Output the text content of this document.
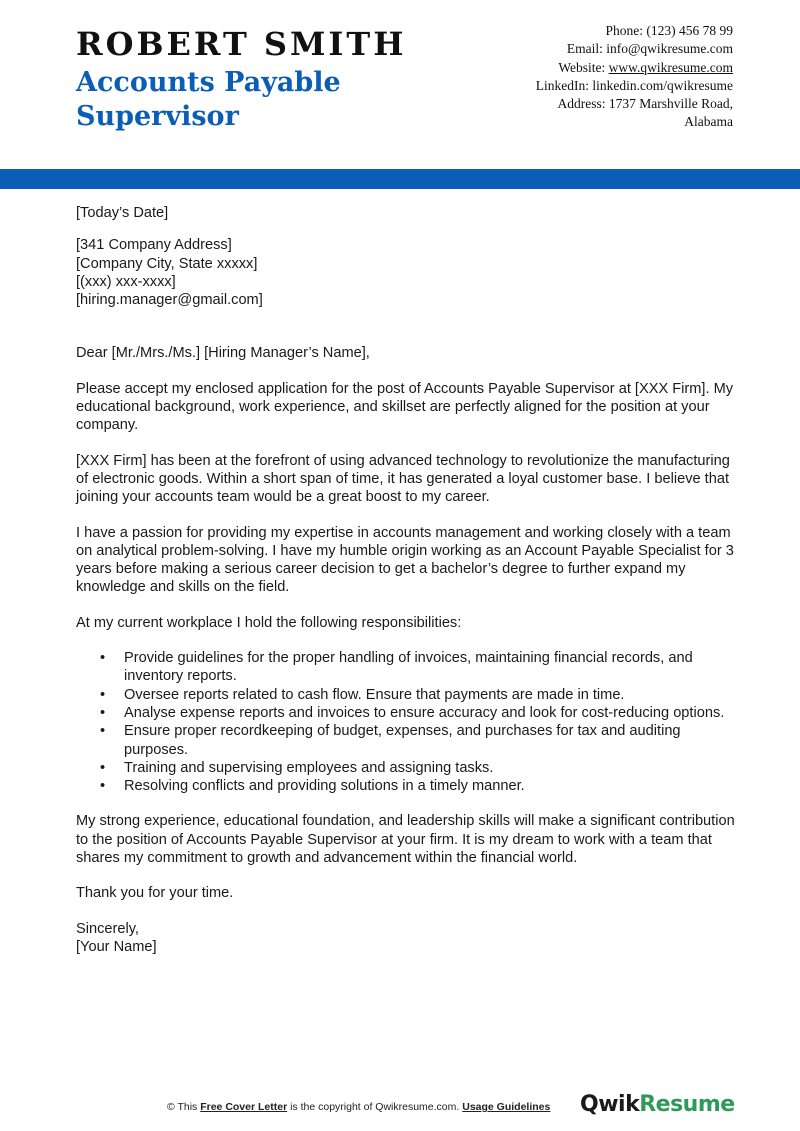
ROBERT SMITH
Accounts Payable Supervisor
Phone: (123) 456 78 99
Email: info@qwikresume.com
Website: www.qwikresume.com
LinkedIn: linkedin.com/qwikresume
Address: 1737 Marshville Road,
Alabama

[Today’s Date]

[341 Company Address]

[Company City, State xxxxx]

[(xxx) xxx-xxxx]

[hiring.manager@gmail.com]

Dear [Mr./Mrs./Ms.] [Hiring Manager’s Name],

Please accept my enclosed application for the post of Accounts Payable Supervisor at [XXX Firm]. My educational background, work experience, and skillset are perfectly aligned for the position at your company.

[XXX Firm] has been at the forefront of using advanced technology to revolutionize the manufacturing of electronic goods. Within a short span of time, it has generated a loyal customer base. I believe that joining your accounts team would be a great boost to my career.

I have a passion for providing my expertise in accounts management and working closely with a team on analytical problem-solving. I have my humble origin working as an Account Payable Specialist for 3 years before making a serious career decision to get a bachelor’s degree to further expand my knowledge and skills on the field.

At my current workplace I hold the following responsibilities:

• Provide guidelines for the proper handling of invoices, maintaining financial records, and inventory reports.
• Oversee reports related to cash flow. Ensure that payments are made in time.
• Analyse expense reports and invoices to ensure accuracy and look for cost-reducing options.
• Ensure proper recordkeeping of budget, expenses, and purchases for tax and auditing purposes.
• Training and supervising employees and assigning tasks.
• Resolving conflicts and providing solutions in a timely manner.

My strong experience, educational foundation, and leadership skills will make a significant contribution to the position of Accounts Payable Supervisor at your firm. It is my dream to work with a team that shares my commitment to growth and advancement within the financial world.

Thank you for your time.

Sincerely,

[Your Name]

© This Free Cover Letter is the copyright of Qwikresume.com. Usage Guidelines QwikResume
